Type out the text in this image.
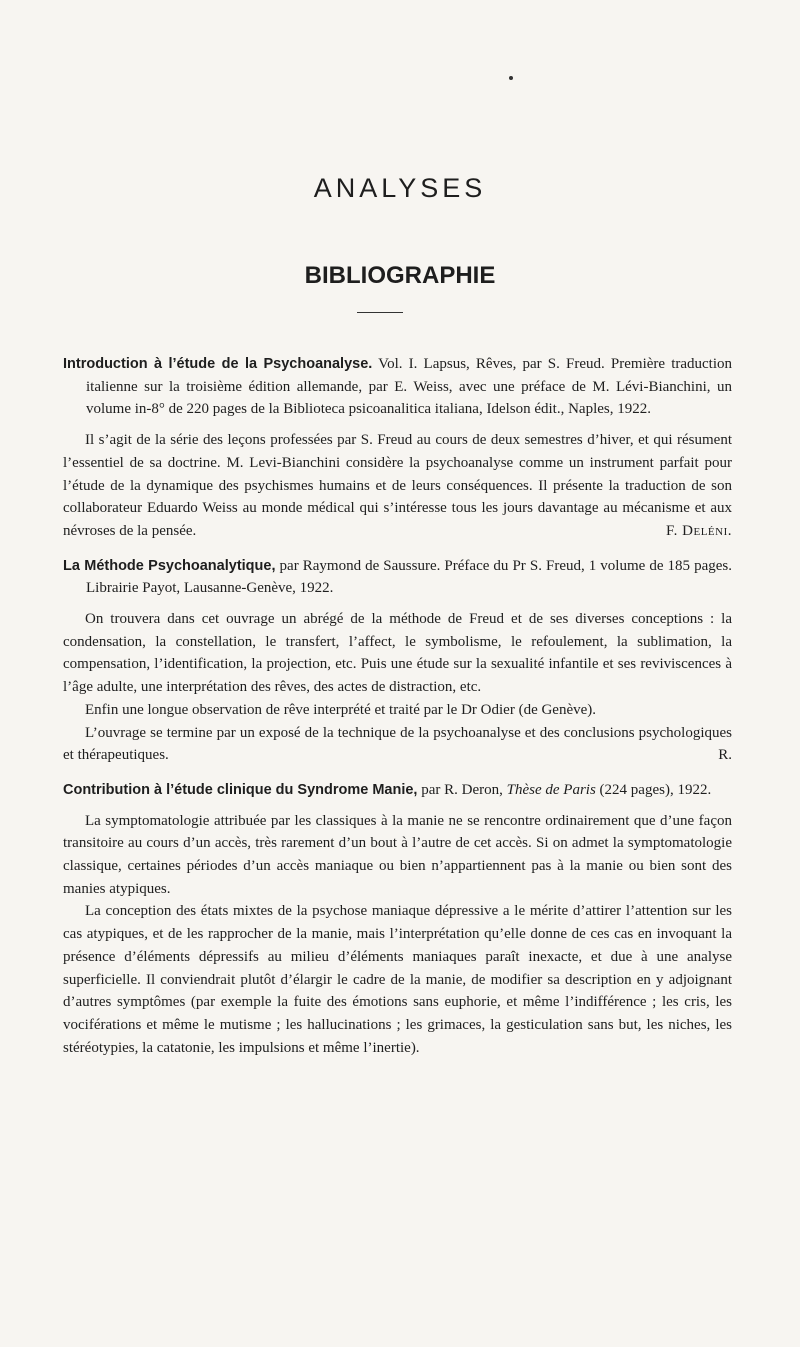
ANALYSES
BIBLIOGRAPHIE

Introduction à l’étude de la Psychoanalyse. Vol. I. Lapsus, Rêves, par S. Freud. Première traduction italienne sur la troisième édition allemande, par E. Weiss, avec une préface de M. Lévi-Bianchini, un volume in-8° de 220 pages de la Biblioteca psicoanalitica italiana, Idelson édit., Naples, 1922.

Il s’agit de la série des leçons professées par S. Freud au cours de deux semestres d’hiver, et qui résument l’essentiel de sa doctrine. M. Levi-Bianchini considère la psychoanalyse comme un instrument parfait pour l’étude de la dynamique des psychismes humains et de leurs conséquences. Il présente la traduction de son collaborateur Eduardo Weiss au monde médical qui s’intéresse tous les jours davantage au mécanisme et aux névroses de la pensée.	F. Deléni.

La Méthode Psychoanalytique, par Raymond de Saussure. Préface du Pr S. Freud, 1 volume de 185 pages. Librairie Payot, Lausanne-Genève, 1922.

On trouvera dans cet ouvrage un abrégé de la méthode de Freud et de ses diverses conceptions : la condensation, la constellation, le transfert, l’affect, le symbolisme, le refoulement, la sublimation, la compensation, l’identification, la projection, etc. Puis une étude sur la sexualité infantile et ses reviviscences à l’âge adulte, une interprétation des rêves, des actes de distraction, etc.

Enfin une longue observation de rêve interprété et traité par le Dr Odier (de Genève).

L’ouvrage se termine par un exposé de la technique de la psychoanalyse et des conclusions psychologiques et thérapeutiques.	R.

Contribution à l’étude clinique du Syndrome Manie, par R. Deron, Thèse de Paris (224 pages), 1922.

La symptomatologie attribuée par les classiques à la manie ne se rencontre ordinairement que d’une façon transitoire au cours d’un accès, très rarement d’un bout à l’autre de cet accès. Si on admet la symptomatologie classique, certaines périodes d’un accès maniaque ou bien n’appartiennent pas à la manie ou bien sont des manies atypiques.

La conception des états mixtes de la psychose maniaque dépressive a le mérite d’attirer l’attention sur les cas atypiques, et de les rapprocher de la manie, mais l’interprétation qu’elle donne de ces cas en invoquant la présence d’éléments dépressifs au milieu d’éléments maniaques paraît inexacte, et due à une analyse superficielle. Il conviendrait plutôt d’élargir le cadre de la manie, de modifier sa description en y adjoignant d’autres symptômes (par exemple la fuite des émotions sans euphorie, et même l’indifférence ; les cris, les vociférations et même le mutisme ; les hallucinations ; les grimaces, la gesticulation sans but, les niches, les stéréotypies, la catatonie, les impulsions et même l’inertie).
